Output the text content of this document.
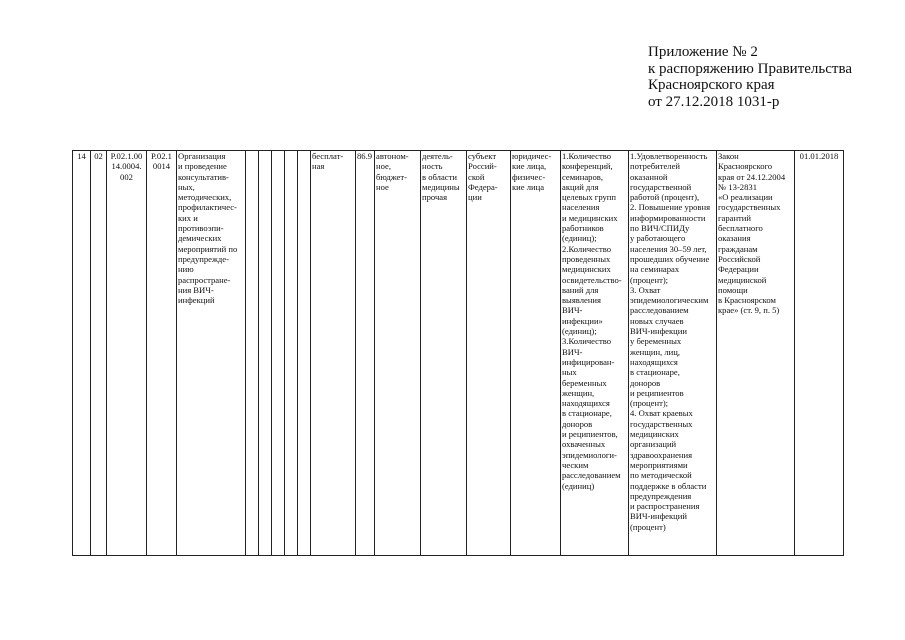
Приложение № 2
к распоряжению Правительства
Красноярского края
от 27.12.2018 1031-р
14 02 Р.02.1.00
14.0004.
002
Р.02.1
0014
Организация
и проведение
консультатив-
ных,
методических,
профилактичес-
ких и
противоэпи-
демических
мероприятий по
предупрежде-
нию
распростране-
ния ВИЧ-
инфекций
бесплат-
ная
86.9 автоном-
ное,
бюджет-
ное
деятель-
ность
в области
медицины
прочая
субъект
Россий-
ской
Федера-
ции
юридичес-
кие лица,
физичес-
кие лица
1.Количество
конференций,
семинаров,
акций для
целевых групп
населения
и медицинских
работников
(единиц);
2.Количество
проведенных
медицинских
освидетельство-
ваний для
выявления
ВИЧ-
инфекции»
(единиц);
3.Количество
ВИЧ-
инфицирован-
ных
беременных
женщин,
находящихся
в стационаре,
доноров
и реципиентов,
охваченных
эпидемиологи-
ческим
расследованием
(единиц)
1.Удовлетворенность
потребителей
оказанной
государственной
работой (процент),
2. Повышение уровня
информированности
по ВИЧ/СПИДу
у работающего
населения 30–59 лет,
прошедших обучение
на семинарах
(процент);
3. Охват
эпидемиологическим
расследованием
новых случаев
ВИЧ-инфекции
у беременных
женщин, лиц,
находящихся
в стационаре,
доноров
и реципиентов
(процент);
4. Охват краевых
государственных
медицинских
организаций
здравоохранения
мероприятиями
по методической
поддержке в области
предупреждения
и распространения
ВИЧ-инфекций
(процент)
Закон
Красноярского
края от 24.12.2004
№ 13-2831
«О реализации
государственных
гарантий
бесплатного
оказания
гражданам
Российской
Федерации
медицинской
помощи
в Красноярском
крае» (ст. 9, п. 5)
01.01.2018
